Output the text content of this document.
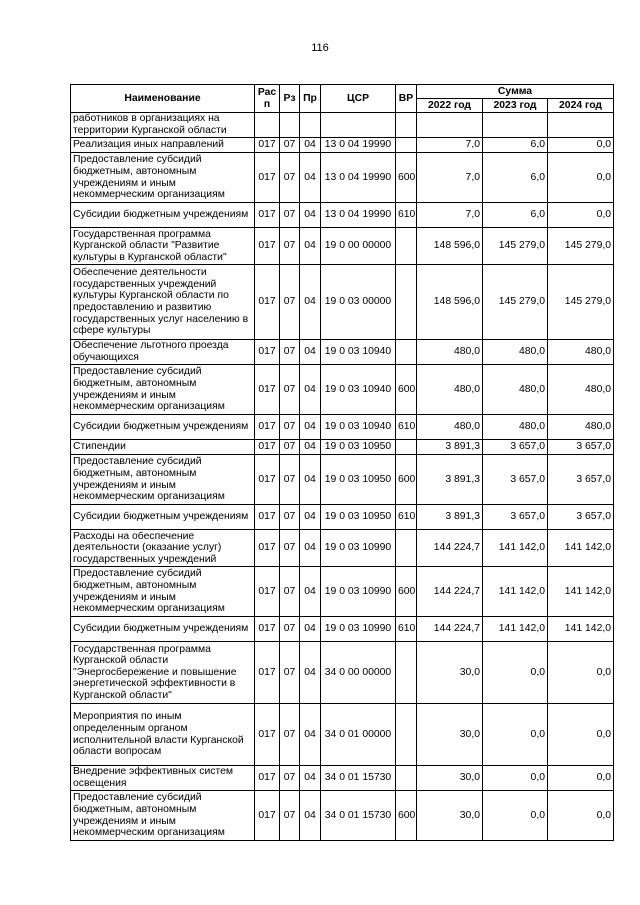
116
Наименование	Рас п	Рз	Пр	ЦСР	ВР	Сумма		
						2022 год	2023 год	2024 год
работников в организациях на территории Курганской области								
Реализация иных направлений	017	07	04	13 0 04 19990		7,0	6,0	0,0
Предоставление субсидий бюджетным, автономным учреждениям и иным некоммерческим организациям	017	07	04	13 0 04 19990	600	7,0	6,0	0,0
Субсидии бюджетным учреждениям	017	07	04	13 0 04 19990	610	7,0	6,0	0,0
Государственная программа Курганской области "Развитие культуры в Курганской области"	017	07	04	19 0 00 00000		148 596,0	145 279,0	145 279,0
Обеспечение деятельности государственных учреждений культуры Курганской области по предоставлению и развитию государственных услуг населению в сфере культуры	017	07	04	19 0 03 00000		148 596,0	145 279,0	145 279,0
Обеспечение льготного проезда обучающихся	017	07	04	19 0 03 10940		480,0	480,0	480,0
Предоставление субсидий бюджетным, автономным учреждениям и иным некоммерческим организациям	017	07	04	19 0 03 10940	600	480,0	480,0	480,0
Субсидии бюджетным учреждениям	017	07	04	19 0 03 10940	610	480,0	480,0	480,0
Стипендии	017	07	04	19 0 03 10950		3 891,3	3 657,0	3 657,0
Предоставление субсидий бюджетным, автономным учреждениям и иным некоммерческим организациям	017	07	04	19 0 03 10950	600	3 891,3	3 657,0	3 657,0
Субсидии бюджетным учреждениям	017	07	04	19 0 03 10950	610	3 891,3	3 657,0	3 657,0
Расходы на обеспечение деятельности (оказание услуг) государственных учреждений	017	07	04	19 0 03 10990		144 224,7	141 142,0	141 142,0
Предоставление субсидий бюджетным, автономным учреждениям и иным некоммерческим организациям	017	07	04	19 0 03 10990	600	144 224,7	141 142,0	141 142,0
Субсидии бюджетным учреждениям	017	07	04	19 0 03 10990	610	144 224,7	141 142,0	141 142,0
Государственная программа Курганской области "Энергосбережение и повышение энергетической эффективности в Курганской области"	017	07	04	34 0 00 00000		30,0	0,0	0,0
Мероприятия по иным определенным органом исполнительной власти Курганской области вопросам	017	07	04	34 0 01 00000		30,0	0,0	0,0
Внедрение эффективных систем освещения	017	07	04	34 0 01 15730		30,0	0,0	0,0
Предоставление субсидий бюджетным, автономным учреждениям и иным некоммерческим организациям	017	07	04	34 0 01 15730	600	30,0	0,0	0,0
